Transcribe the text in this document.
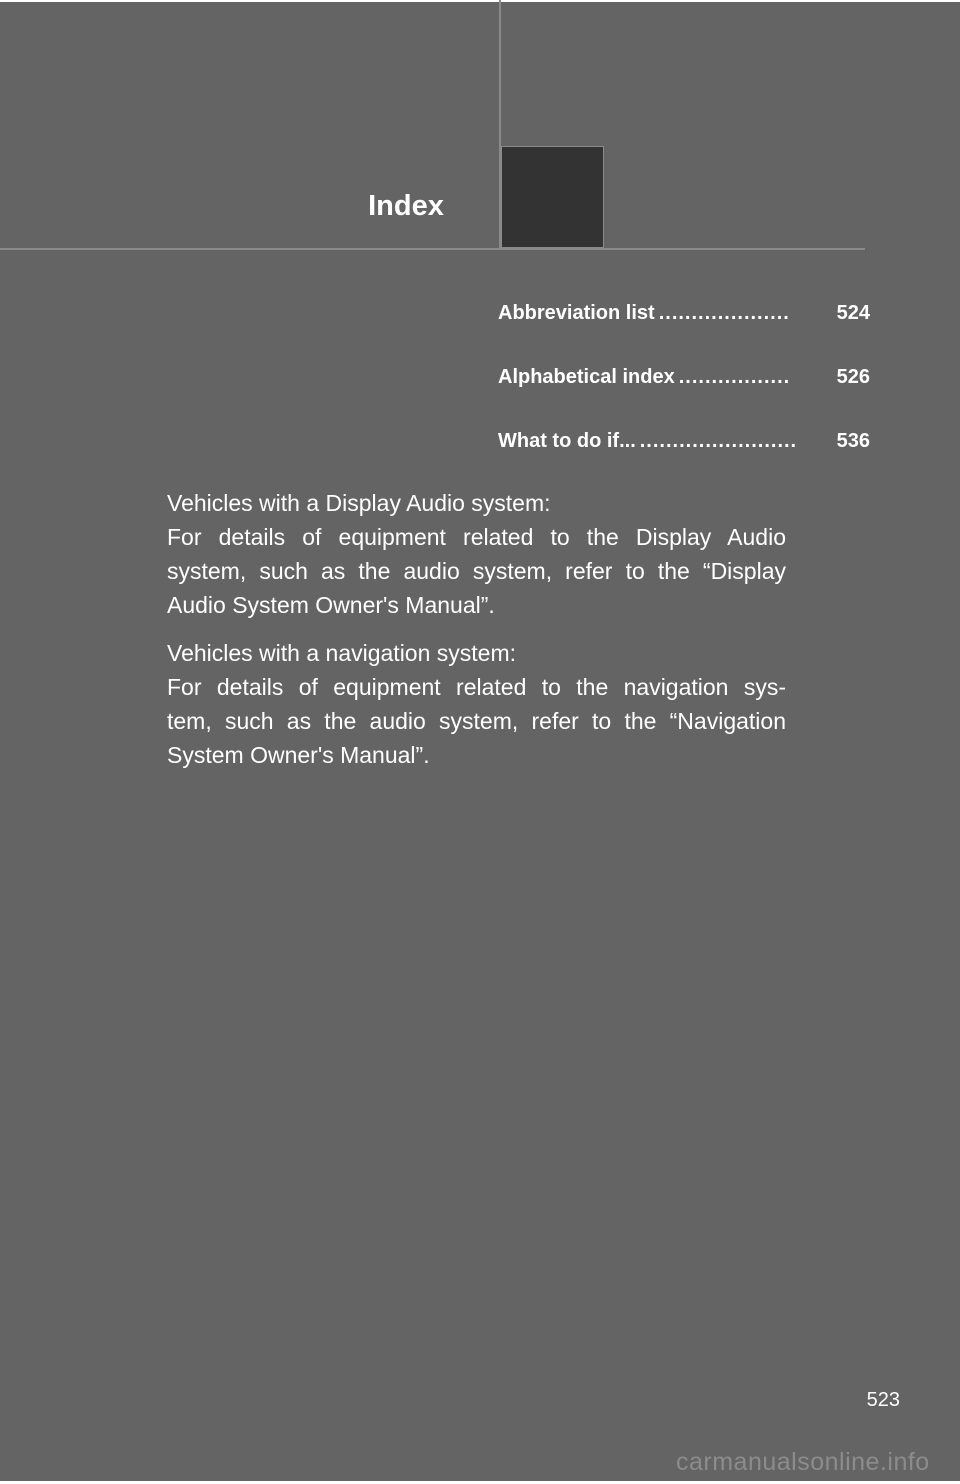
Index
Abbreviation list ....................	524
Alphabetical index .................	526
What to do if... ........................	536

Vehicles with a Display Audio system:
For details of equipment related to the Display Audio
system, such as the audio system, refer to the “Display
Audio System Owner's Manual”.

Vehicles with a navigation system:
For details of equipment related to the navigation sys-
tem, such as the audio system, refer to the “Navigation
System Owner's Manual”.

523
carmanualsonline.info
